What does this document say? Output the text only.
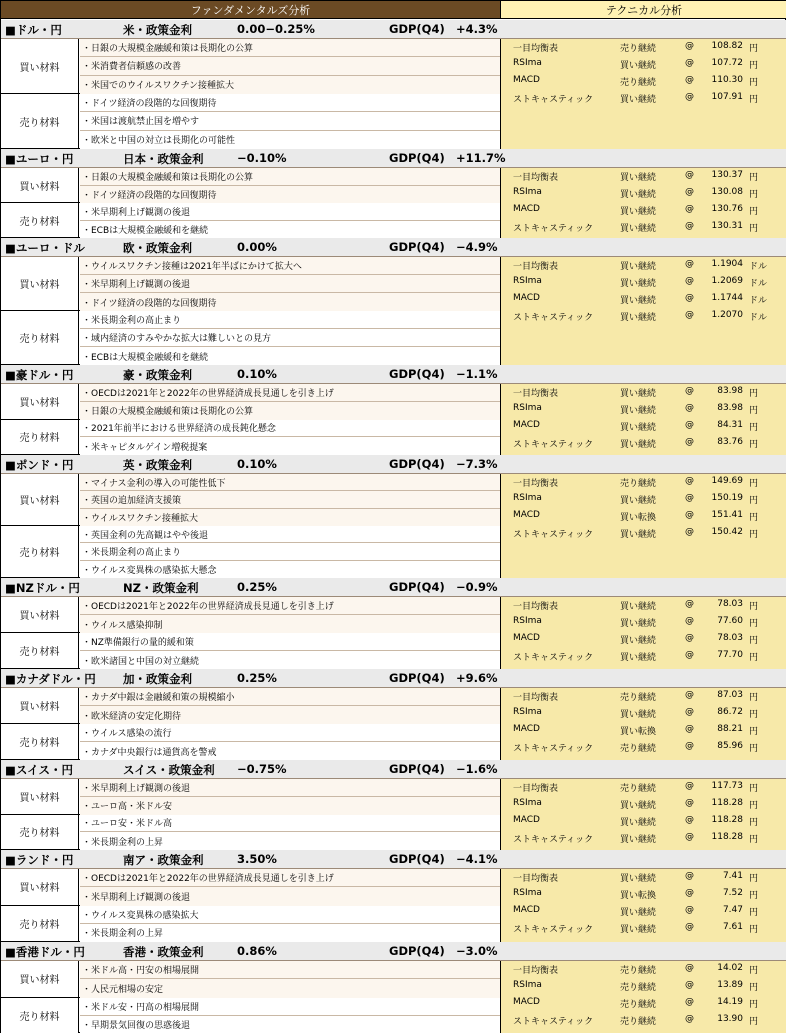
ファンダメンタルズ分析	テクニカル分析
■ドル・円	米・政策金利	0.00−0.25%	GDP(Q4) +4.3%
買い材料
・日銀の大規模金融緩和策は長期化の公算
・米消費者信頼感の改善
・米国でのウイルスワクチン接種拡大
売り材料
・ドイツ経済の段階的な回復期待
・米国は渡航禁止国を増やす
・欧米と中国の対立は長期化の可能性
一目均衡表	売り継続	@	108.82 円
RSIma	買い継続	@	107.72 円
MACD	売り継続	@	110.30 円
ストキャスティック	買い継続	@	107.91 円
■ユーロ・円	日本・政策金利	−0.10%	GDP(Q4) +11.7%
買い材料
・日銀の大規模金融緩和策は長期化の公算
・ドイツ経済の段階的な回復期待
売り材料
・米早期利上げ観測の後退
・ECBは大規模金融緩和を継続
一目均衡表	買い継続	@	130.37 円
RSIma	買い継続	@	130.08 円
MACD	買い継続	@	130.76 円
ストキャスティック	買い継続	@	130.31 円
■ユーロ・ドル	欧・政策金利	0.00%	GDP(Q4) −4.9%
買い材料
・ウイルスワクチン接種は2021年半ばにかけて拡大へ
・米早期利上げ観測の後退
・ドイツ経済の段階的な回復期待
売り材料
・米長期金利の高止まり
・域内経済のすみやかな拡大は難しいとの見方
・ECBは大規模金融緩和を継続
一目均衡表	買い継続	@	1.1904 ドル
RSIma	買い継続	@	1.2069 ドル
MACD	買い継続	@	1.1744 ドル
ストキャスティック	買い継続	@	1.2070 ドル
■豪ドル・円	豪・政策金利	0.10%	GDP(Q4) −1.1%
買い材料
・OECDは2021年と2022年の世界経済成長見通しを引き上げ
・日銀の大規模金融緩和策は長期化の公算
売り材料
・2021年前半における世界経済の成長鈍化懸念
・米キャピタルゲイン増税提案
一目均衡表	買い継続	@	83.98 円
RSIma	買い継続	@	83.98 円
MACD	買い継続	@	84.31 円
ストキャスティック	買い継続	@	83.76 円
■ポンド・円	英・政策金利	0.10%	GDP(Q4) −7.3%
買い材料
・マイナス金利の導入の可能性低下
・英国の追加経済支援策
・ウイルスワクチン接種拡大
売り材料
・英国金利の先高観はやや後退
・米長期金利の高止まり
・ウイルス変異株の感染拡大懸念
一目均衡表	売り継続	@	149.69 円
RSIma	買い継続	@	150.19 円
MACD	買い転換	@	151.41 円
ストキャスティック	買い継続	@	150.42 円
■NZドル・円	NZ・政策金利	0.25%	GDP(Q4) −0.9%
買い材料
・OECDは2021年と2022年の世界経済成長見通しを引き上げ
・ウイルス感染抑制
売り材料
・NZ準備銀行の量的緩和策
・欧米諸国と中国の対立継続
一目均衡表	買い継続	@	78.03 円
RSIma	買い継続	@	77.60 円
MACD	買い継続	@	78.03 円
ストキャスティック	買い継続	@	77.70 円
■カナダドル・円 加・政策金利	0.25%	GDP(Q4) +9.6%
買い材料
・カナダ中銀は金融緩和策の規模縮小
・欧米経済の安定化期待
売り材料
・ウイルス感染の流行
・カナダ中央銀行は通貨高を警戒
一目均衡表	売り継続	@	87.03 円
RSIma	買い継続	@	86.72 円
MACD	買い転換	@	88.21 円
ストキャスティック	売り継続	@	85.96 円
■スイス・円	スイス・政策金利 −0.75%	GDP(Q4) −1.6%
買い材料
・米早期利上げ観測の後退
・ユーロ高・米ドル安
売り材料
・ユーロ安・米ドル高
・米長期金利の上昇
一目均衡表	売り継続	@	117.73 円
RSIma	買い継続	@	118.28 円
MACD	買い継続	@	118.28 円
ストキャスティック	買い継続	@	118.28 円
■ランド・円	南ア・政策金利	3.50%	GDP(Q4) −4.1%
買い材料
・OECDは2021年と2022年の世界経済成長見通しを引き上げ
・米早期利上げ観測の後退
売り材料
・ウイルス変異株の感染拡大
・米長期金利の上昇
一目均衡表	買い継続	@	7.41 円
RSIma	買い転換	@	7.52 円
MACD	買い継続	@	7.47 円
ストキャスティック	買い継続	@	7.61 円
■香港ドル・円	香港・政策金利	0.86%	GDP(Q4) −3.0%
買い材料
・米ドル高・円安の相場展開
・人民元相場の安定
売り材料
・米ドル安・円高の相場展開
・早期景気回復の思惑後退
一目均衡表	売り継続	@	14.02 円
RSIma	売り継続	@	13.89 円
MACD	売り継続	@	14.19 円
ストキャスティック	売り継続	@	13.90 円
